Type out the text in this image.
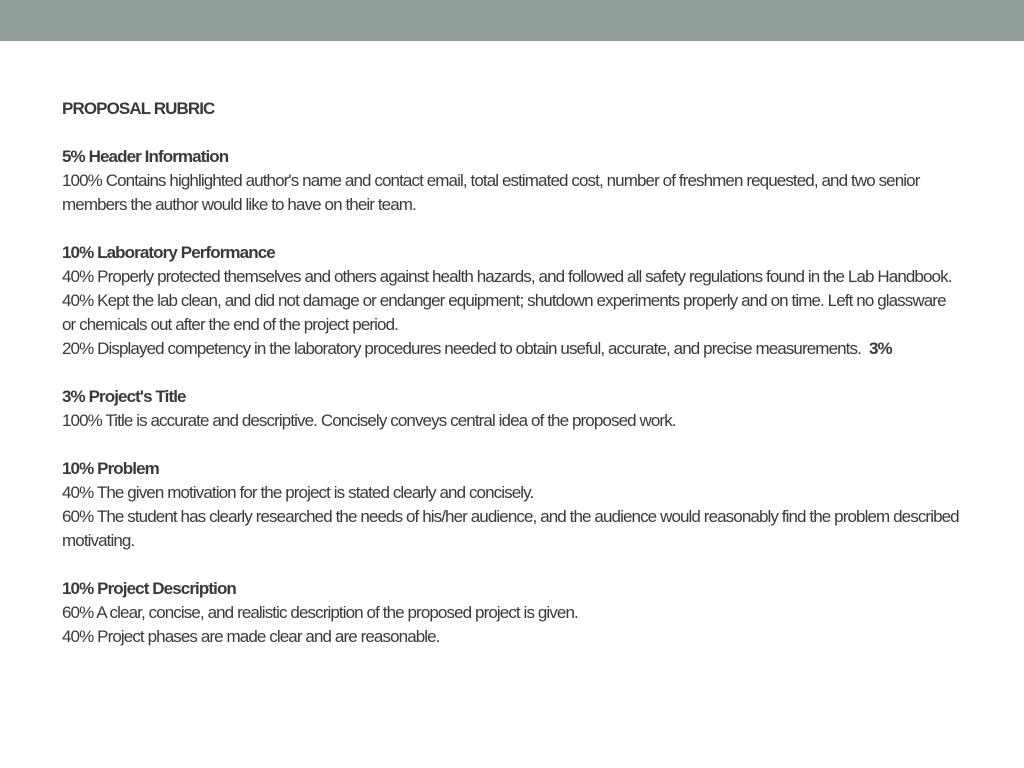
PROPOSAL RUBRIC
5% Header Information
100% Contains highlighted author's name and contact email, total estimated cost, number of freshmen requested, and two senior members the author would like to have on their team.
10% Laboratory Performance
40% Properly protected themselves and others against health hazards, and followed all safety regulations found in the Lab Handbook.
40% Kept the lab clean, and did not damage or endanger equipment; shutdown experiments properly and on time. Left no glassware or chemicals out after the end of the project period.
20% Displayed competency in the laboratory procedures needed to obtain useful, accurate, and precise measurements. 3%
3% Project's Title
100% Title is accurate and descriptive. Concisely conveys central idea of the proposed work.
10% Problem
40% The given motivation for the project is stated clearly and concisely.
60% The student has clearly researched the needs of his/her audience, and the audience would reasonably find the problem described motivating.
10% Project Description
60% A clear, concise, and realistic description of the proposed project is given.
40% Project phases are made clear and are reasonable.
